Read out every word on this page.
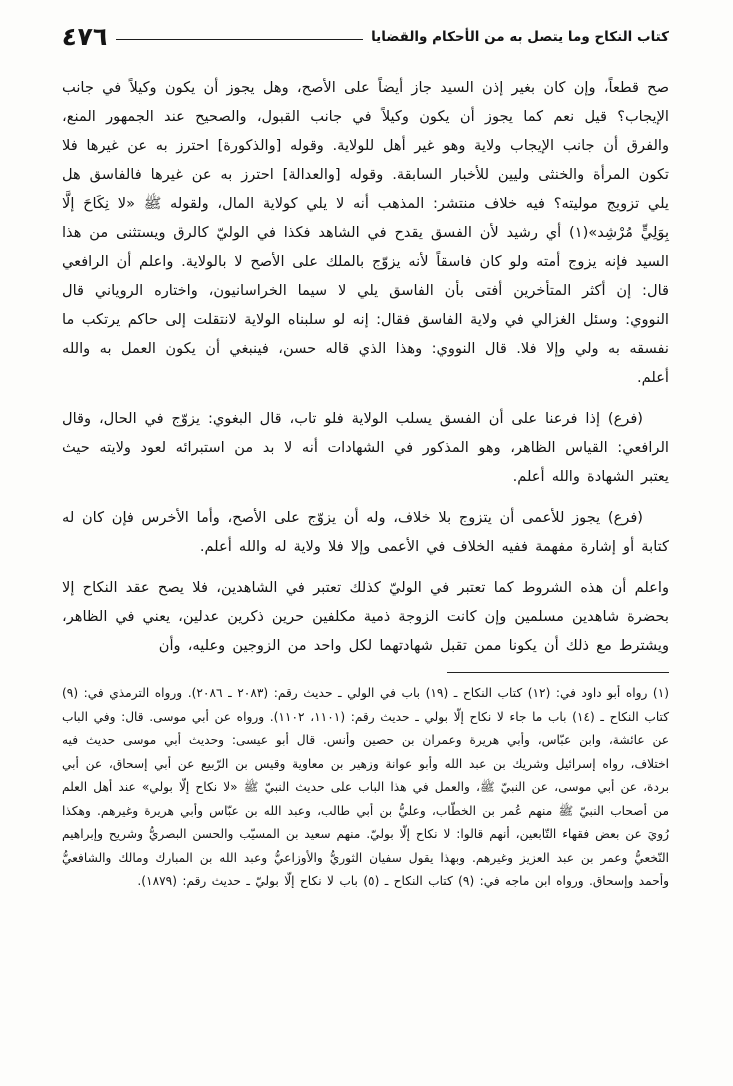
كتاب النكاح وما يتصل به من الأحكام والقضايا
٤٧٦

صح قطعاً، وإن كان بغير إذن السيد جاز أيضاً على الأصح، وهل يجوز أن يكون وكيلاً في جانب الإيجاب؟ قيل نعم كما يجوز أن يكون وكيلاً في جانب القبول، والصحيح عند الجمهور المنع، والفرق أن جانب الإيجاب ولاية وهو غير أهل للولاية. وقوله [والذكورة] احترز به عن غيرها فلا تكون المرأة والخنثى وليين للأخبار السابقة. وقوله [والعدالة] احترز به عن غيرها فالفاسق هل يلي تزويج موليته؟ فيه خلاف منتشر: المذهب أنه لا يلي كولاية المال، ولقوله ﷺ «لا نِكَاحَ إلَّا بِوَلِيٍّ مُرْشِد»(١) أي رشيد لأن الفسق يقدح في الشاهد فكذا في الوليّ كالرق ويستثنى من هذا السيد فإنه يزوج أمته ولو كان فاسقاً لأنه يزوّج بالملك على الأصح لا بالولاية. واعلم أن الرافعي قال: إن أكثر المتأخرين أفتى بأن الفاسق يلي لا سيما الخراسانيون، واختاره الروياني قال النووي: وسئل الغزالي في ولاية الفاسق فقال: إنه لو سلبناه الولاية لانتقلت إلى حاكم يرتكب ما نفسقه به ولي وإلا فلا. قال النووي: وهذا الذي قاله حسن، فينبغي أن يكون العمل به والله أعلم.

(فرع) إذا فرعنا على أن الفسق يسلب الولاية فلو تاب، قال البغوي: يزوّج في الحال، وقال الرافعي: القياس الظاهر، وهو المذكور في الشهادات أنه لا بد من استبرائه لعود ولايته حيث يعتبر الشهادة والله أعلم.

(فرع) يجوز للأعمى أن يتزوج بلا خلاف، وله أن يزوّج على الأصح، وأما الأخرس فإن كان له كتابة أو إشارة مفهمة ففيه الخلاف في الأعمى وإلا فلا ولاية له والله أعلم.

واعلم أن هذه الشروط كما تعتبر في الوليّ كذلك تعتبر في الشاهدين، فلا يصح عقد النكاح إلا بحضرة شاهدين مسلمين وإن كانت الزوجة ذمية مكلفين حرين ذكرين عدلين، يعني في الظاهر، ويشترط مع ذلك أن يكونا ممن تقبل شهادتهما لكل واحد من الزوجين وعليه، وأن

(١) رواه أبو داود في: (١٢) كتاب النكاح ـ (١٩) باب في الولي ـ حديث رقم: (٢٠٨٣ ـ ٢٠٨٦). ورواه الترمذي في: (٩) كتاب النكاح ـ (١٤) باب ما جاء لا نكاح إلّا بولي ـ حديث رقم: (١١٠١، ١١٠٢). ورواه عن أبي موسى. قال: وفي الباب عن عائشة، وابن عبّاس، وأبي هريرة وعمران بن حصين وأنس. قال أبو عيسى: وحديث أبي موسى حديث فيه اختلاف، رواه إسرائيل وشريك بن عبد الله وأبو عوانة وزهير بن معاوية وقيس بن الرّبيع عن أبي إسحاق، عن أبي بردة، عن أبي موسى، عن النبيّ ﷺ، والعمل في هذا الباب على حديث النبيّ ﷺ «لا نكاح إلّا بولي» عند أهل العلم من أصحاب النبيّ ﷺ منهم عُمر بن الخطّاب، وعليُّ بن أبي طالب، وعبد الله بن عبّاس وأبي هريرة وغيرهم. وهكذا رُويَ عن بعض فقهاء التّابعين، أنهم قالوا: لا نكاح إلّا بوليّ. منهم سعيد بن المسيّب والحسن البصريُّ وشريح وإبراهيم النّخعيُّ وعمر بن عبد العزيز وغيرهم. وبهذا يقول سفيان الثوريُّ والأوزاعيُّ وعبد الله بن المبارك ومالك والشافعيُّ وأحمد وإسحاق. ورواه ابن ماجه في: (٩) كتاب النكاح ـ (٥) باب لا نكاح إلّا بوليّ ـ حديث رقم: (١٨٧٩).
